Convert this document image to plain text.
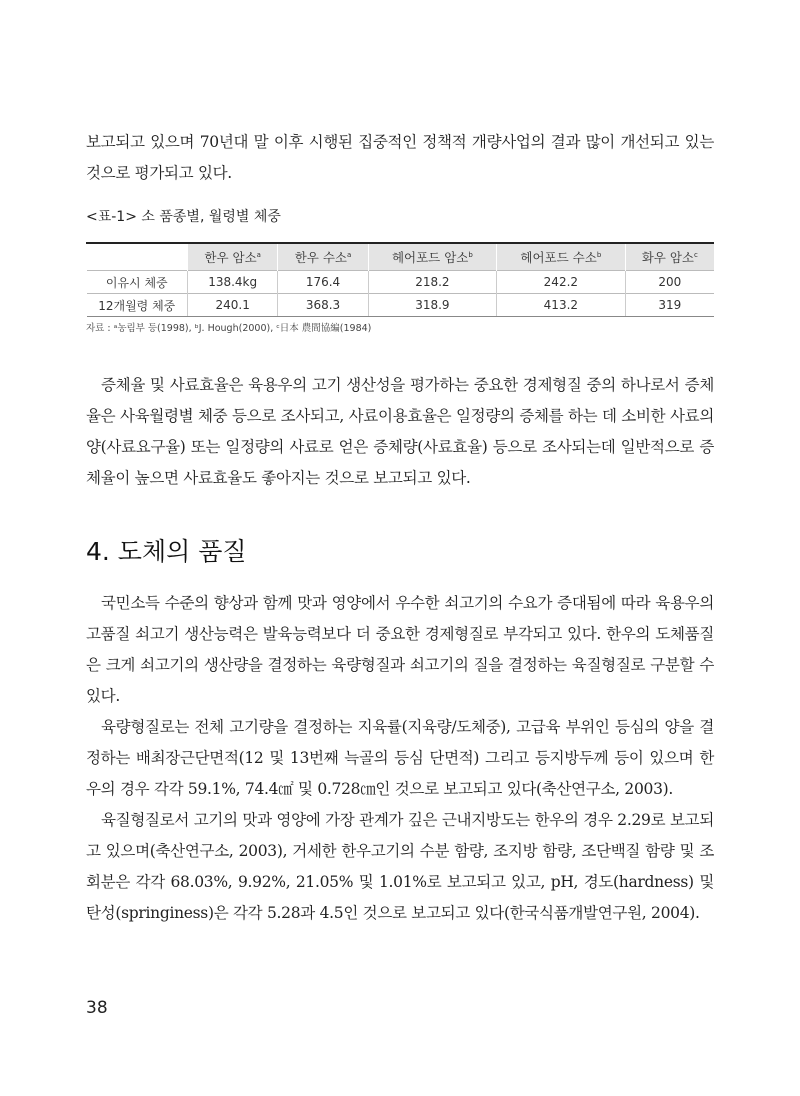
보고되고 있으며 70년대 말 이후 시행된 집중적인 정책적 개량사업의 결과 많이 개선되고 있는 것으로 평가되고 있다.

<표-1> 소 품종별, 월령별 체중
	한우 암소$^a$	한우 수소$^a$	헤어포드 암소$^b$	헤어포드 수소$^b$	화우 암소$^c$
이유시 체중	138.4kg	176.4	218.2	242.2	200
12개월령 체중	240.1	368.3	318.9	413.2	319
자료 : ᵃ농림부 등(1998), ᵇJ. Hough(2000), ᶜ日本 農間協編(1984)

증체율 및 사료효율은 육용우의 고기 생산성을 평가하는 중요한 경제형질 중의 하나로서 증체율은 사육월령별 체중 등으로 조사되고, 사료이용효율은 일정량의 증체를 하는 데 소비한 사료의 양(사료요구율) 또는 일정량의 사료로 얻은 증체량(사료효율) 등으로 조사되는데 일반적으로 증체율이 높으면 사료효율도 좋아지는 것으로 보고되고 있다.

4. 도체의 품질

국민소득 수준의 향상과 함께 맛과 영양에서 우수한 쇠고기의 수요가 증대됨에 따라 육용우의 고품질 쇠고기 생산능력은 발육능력보다 더 중요한 경제형질로 부각되고 있다. 한우의 도체품질은 크게 쇠고기의 생산량을 결정하는 육량형질과 쇠고기의 질을 결정하는 육질형질로 구분할 수 있다.

육량형질로는 전체 고기량을 결정하는 지육률(지육량/도체중), 고급육 부위인 등심의 양을 결정하는 배최장근단면적(12 및 13번째 늑골의 등심 단면적) 그리고 등지방두께 등이 있으며 한우의 경우 각각 59.1%, 74.4㎠ 및 0.728㎝인 것으로 보고되고 있다(축산연구소, 2003).

육질형질로서 고기의 맛과 영양에 가장 관계가 깊은 근내지방도는 한우의 경우 2.29로 보고되고 있으며(축산연구소, 2003), 거세한 한우고기의 수분 함량, 조지방 함량, 조단백질 함량 및 조회분은 각각 68.03%, 9.92%, 21.05% 및 1.01%로 보고되고 있고, pH, 경도(hardness) 및 탄성(springiness)은 각각 5.28과 4.5인 것으로 보고되고 있다(한국식품개발연구원, 2004).

38
